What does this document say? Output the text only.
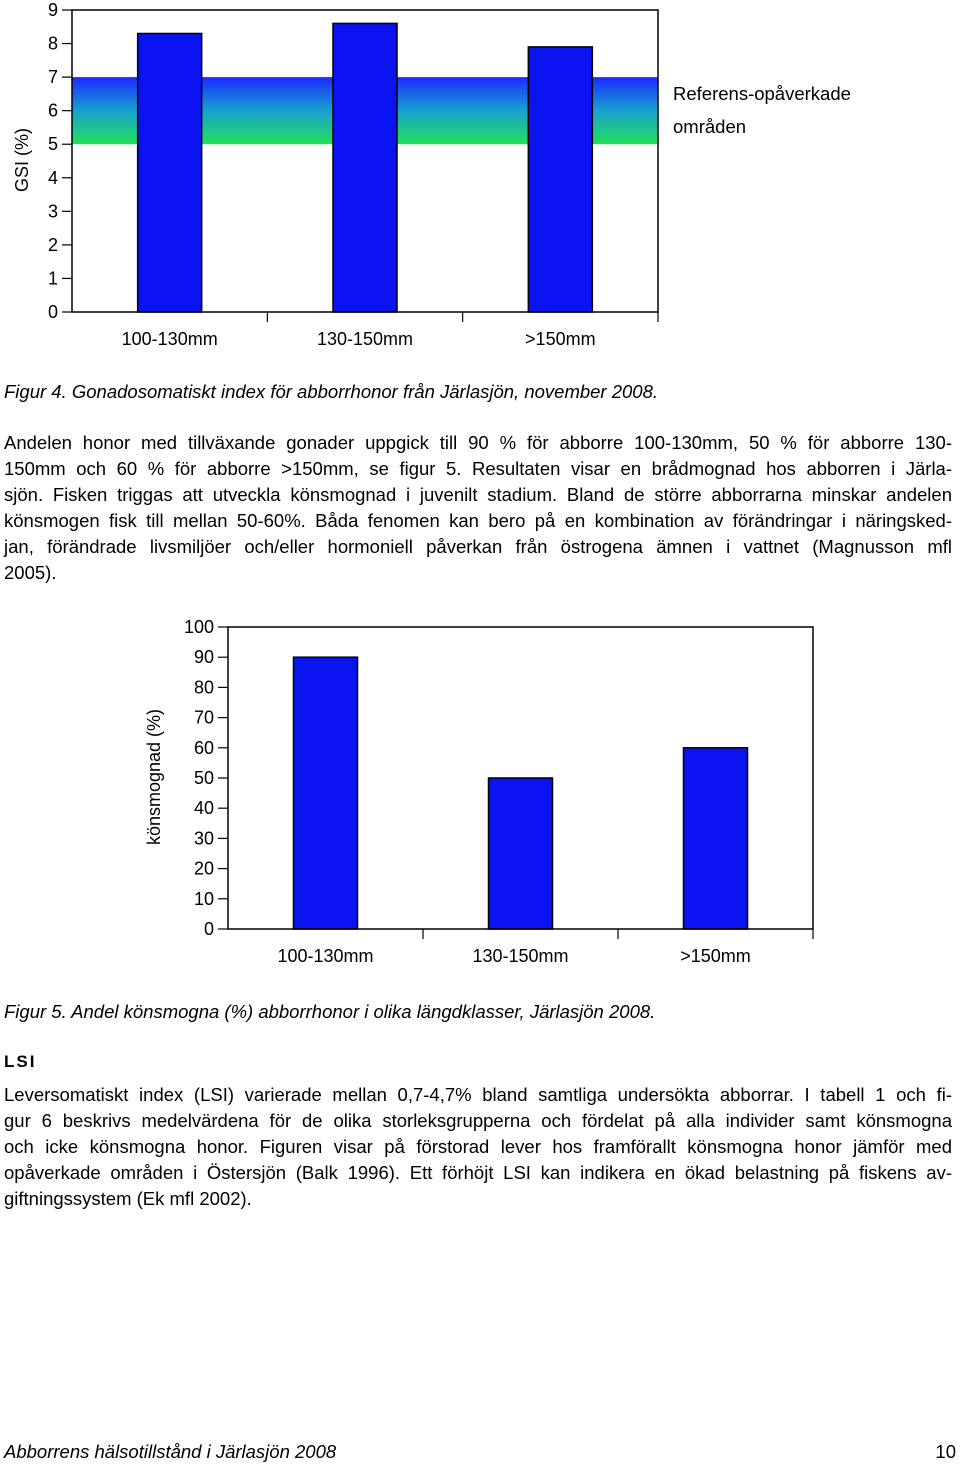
0
1
2
3
4
5
6
7
8
9
100-130mm	130-150mm	>150mm
GSI (%)
Referens-opåverkade
områden
Figur 4. Gonadosomatiskt index för abborrhonor från Järlasjön, november 2008.
Andelen honor med tillväxande gonader uppgick till 90 % för abborre 100-130mm, 50 % för abborre 130-
150mm och 60 % för abborre >150mm, se figur 5. Resultaten visar en brådmognad hos abborren i Järla-
sjön. Fisken triggas att utveckla könsmognad i juvenilt stadium. Bland de större abborrarna minskar andelen
könsmogen fisk till mellan 50-60%. Båda fenomen kan bero på en kombination av förändringar i näringsked-
jan, förändrade livsmiljöer och/eller hormoniell påverkan från östrogena ämnen i vattnet (Magnusson mfl
2005).
0
10
20
30
40
50
60
70
80
90
100
100-130mm	130-150mm	>150mm
könsmognad (%)
Figur 5. Andel könsmogna (%) abborrhonor i olika längdklasser, Järlasjön 2008.
LSI
Leversomatiskt index (LSI) varierade mellan 0,7-4,7% bland samtliga undersökta abborrar. I tabell 1 och fi-
gur 6 beskrivs medelvärdena för de olika storleksgrupperna och fördelat på alla individer samt könsmogna
och icke könsmogna honor. Figuren visar på förstorad lever hos framförallt könsmogna honor jämför med
opåverkade områden i Östersjön (Balk 1996). Ett förhöjt LSI kan indikera en ökad belastning på fiskens av-
giftningssystem (Ek mfl 2002).
Abborrens hälsotillstånd i Järlasjön 2008	10
